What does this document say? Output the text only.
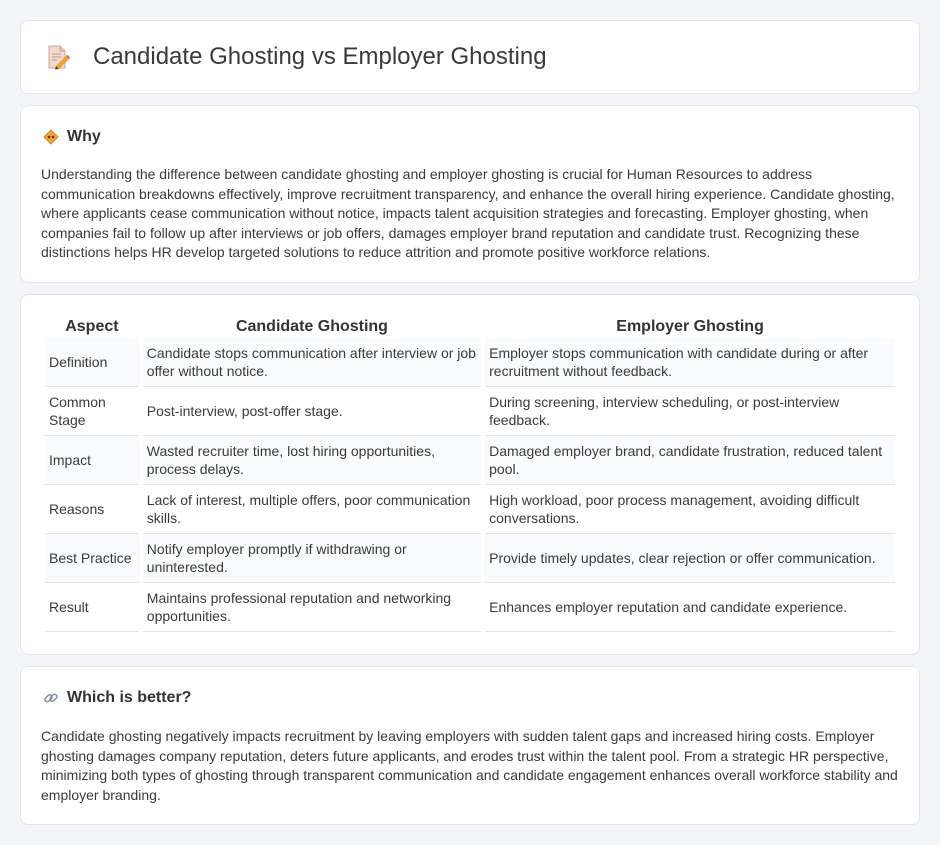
Candidate Ghosting vs Employer Ghosting
Why

Understanding the difference between candidate ghosting and employer ghosting is crucial for Human Resources to address communication breakdowns effectively, improve recruitment transparency, and enhance the overall hiring experience. Candidate ghosting, where applicants cease communication without notice, impacts talent acquisition strategies and forecasting. Employer ghosting, when companies fail to follow up after interviews or job offers, damages employer brand reputation and candidate trust. Recognizing these distinctions helps HR develop targeted solutions to reduce attrition and promote positive workforce relations.

Aspect	Candidate Ghosting	Employer Ghosting
Definition	Candidate stops communication after interview or job offer without notice.	Employer stops communication with candidate during or after recruitment without feedback.
Common Stage	Post-interview, post-offer stage.	During screening, interview scheduling, or post-interview feedback.
Impact	Wasted recruiter time, lost hiring opportunities, process delays.	Damaged employer brand, candidate frustration, reduced talent pool.
Reasons	Lack of interest, multiple offers, poor communication skills.	High workload, poor process management, avoiding difficult conversations.
Best Practice	Notify employer promptly if withdrawing or uninterested.	Provide timely updates, clear rejection or offer communication.
Result	Maintains professional reputation and networking opportunities.	Enhances employer reputation and candidate experience.
Which is better?

Candidate ghosting negatively impacts recruitment by leaving employers with sudden talent gaps and increased hiring costs. Employer ghosting damages company reputation, deters future applicants, and erodes trust within the talent pool. From a strategic HR perspective, minimizing both types of ghosting through transparent communication and candidate engagement enhances overall workforce stability and employer branding.
